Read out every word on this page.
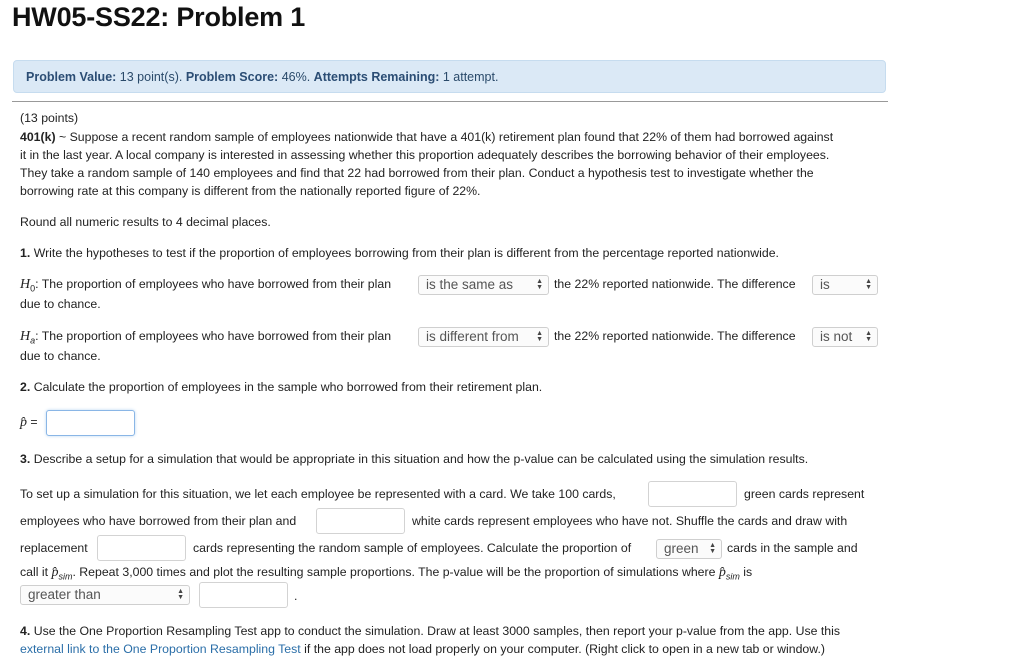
HW05-SS22: Problem 1
Problem Value: 13 point(s). Problem Score: 46%. Attempts Remaining: 1 attempt.
(13 points)
401(k) ~ Suppose a recent random sample of employees nationwide that have a 401(k) retirement plan found that 22% of them had borrowed against
it in the last year. A local company is interested in assessing whether this proportion adequately describes the borrowing behavior of their employees.
They take a random sample of 140 employees and find that 22 had borrowed from their plan. Conduct a hypothesis test to investigate whether the
borrowing rate at this company is different from the nationally reported figure of 22%.
Round all numeric results to 4 decimal places.
1. Write the hypotheses to test if the proportion of employees borrowing from their plan is different from the percentage reported nationwide.
$H_0$: The proportion of employees who have borrowed from their plan	is the same as	▲
▼ the 22% reported nationwide. The difference	is	▲
▼
due to chance.
$H_a$: The proportion of employees who have borrowed from their plan	is different from ▲
▼ the 22% reported nationwide. The difference	is not ▲
▼
due to chance.
2. Calculate the proportion of employees in the sample who borrowed from their retirement plan.
p̂ =
3. Describe a setup for a simulation that would be appropriate in this situation and how the p-value can be calculated using the simulation results.
To set up a simulation for this situation, we let each employee be represented with a card. We take 100 cards,	green cards represent
employees who have borrowed from their plan and	white cards represent employees who have not. Shuffle the cards and draw with
replacement	cards representing the random sample of employees. Calculate the proportion of	green ▲
▼ cards in the sample and
call it $p̂_{sim}$. Repeat 3,000 times and plot the resulting sample proportions. The p-value will be the proportion of simulations where $p̂_{sim}$ is
greater than	▲
▼	.
4. Use the One Proportion Resampling Test app to conduct the simulation. Draw at least 3000 samples, then report your p-value from the app. Use this
external link to the One Proportion Resampling Test if the app does not load properly on your computer. (Right click to open in a new tab or window.)
